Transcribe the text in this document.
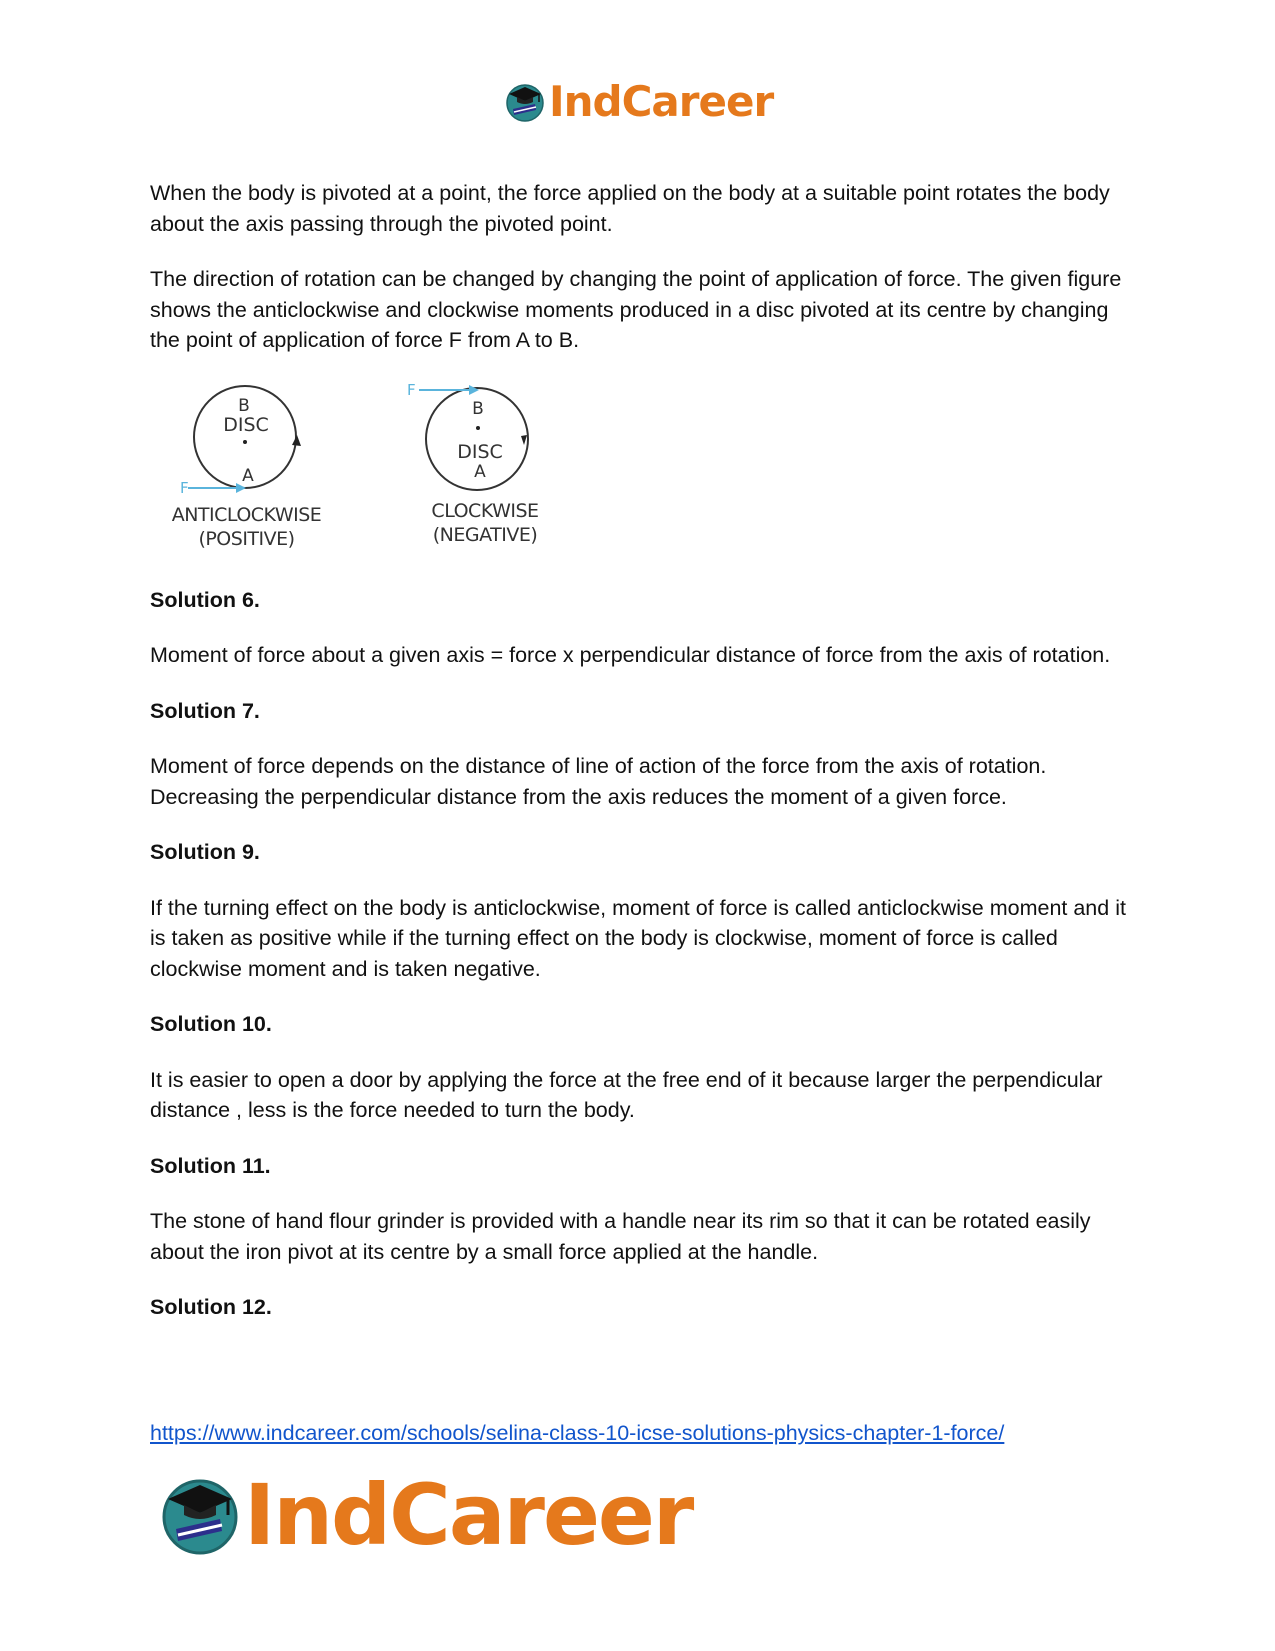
IndCareer

When the body is pivoted at a point, the force applied on the body at a suitable point rotates the body about the axis passing through the pivoted point.

The direction of rotation can be changed by changing the point of application of force. The given figure shows the anticlockwise and clockwise moments produced in a disc pivoted at its centre by changing the point of application of force F from A to B.

B
DISC
A
F
ANTICLOCKWISE
(POSITIVE)
B
DISC
A
F
CLOCKWISE
(NEGATIVE)

Solution 6.

Moment of force about a given axis = force x perpendicular distance of force from the axis of rotation.

Solution 7.

Moment of force depends on the distance of line of action of the force from the axis of rotation. Decreasing the perpendicular distance from the axis reduces the moment of a given force.

Solution 9.

If the turning effect on the body is anticlockwise, moment of force is called anticlockwise moment and it is taken as positive while if the turning effect on the body is clockwise, moment of force is called clockwise moment and is taken negative.

Solution 10.

It is easier to open a door by applying the force at the free end of it because larger the perpendicular distance , less is the force needed to turn the body.

Solution 11.

The stone of hand flour grinder is provided with a handle near its rim so that it can be rotated easily about the iron pivot at its centre by a small force applied at the handle.

Solution 12.

https://www.indcareer.com/schools/selina-class-10-icse-solutions-physics-chapter-1-force/
IndCareer
